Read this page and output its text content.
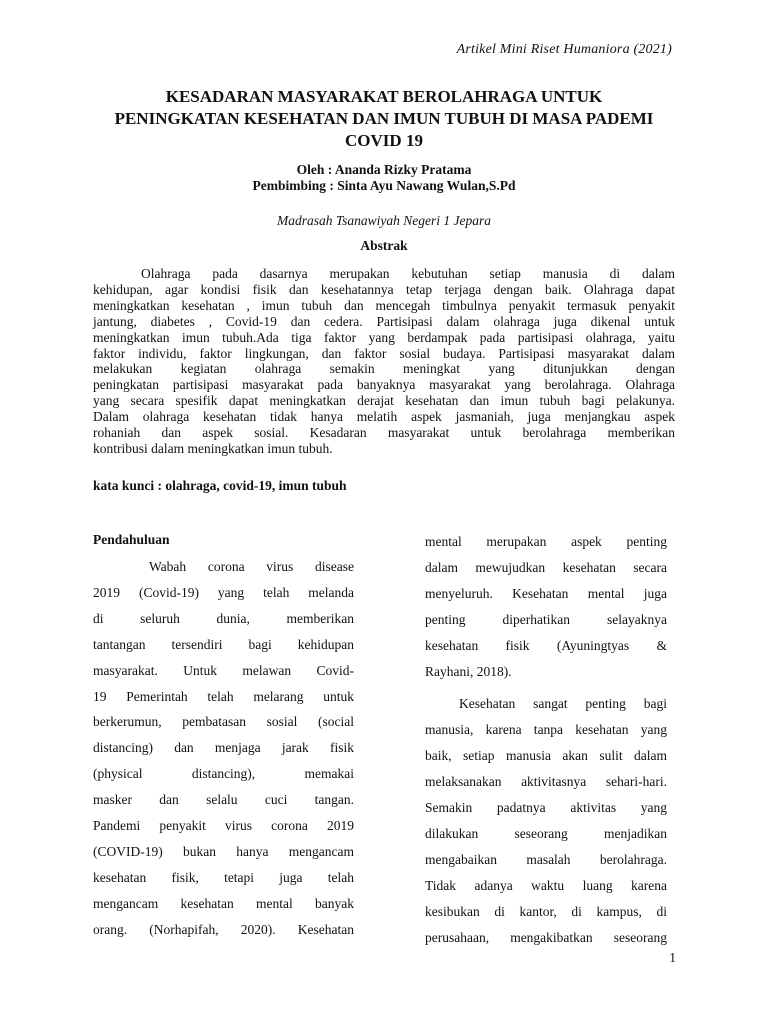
Artikel Mini Riset Humaniora (2021)
KESADARAN MASYARAKAT BEROLAHRAGA UNTUK
PENINGKATAN KESEHATAN DAN IMUN TUBUH DI MASA PADEMI
COVID 19
Oleh : Ananda Rizky Pratama
Pembimbing : Sinta Ayu Nawang Wulan,S.Pd
Madrasah Tsanawiyah Negeri 1 Jepara
Abstrak
Olahraga pada dasarnya merupakan kebutuhan setiap manusia di dalam
kehidupan, agar kondisi fisik dan kesehatannya tetap terjaga dengan baik. Olahraga dapat
meningkatkan kesehatan , imun tubuh dan mencegah timbulnya penyakit termasuk penyakit
jantung, diabetes , Covid-19 dan cedera. Partisipasi dalam olahraga juga dikenal untuk
meningkatkan imun tubuh.Ada tiga faktor yang berdampak pada partisipasi olahraga, yaitu
faktor individu, faktor lingkungan, dan faktor sosial budaya. Partisipasi masyarakat dalam
melakukan kegiatan olahraga semakin meningkat yang ditunjukkan dengan
peningkatan partisipasi masyarakat pada banyaknya masyarakat yang berolahraga. Olahraga
yang secara spesifik dapat meningkatkan derajat kesehatan dan imun tubuh bagi pelakunya.
Dalam olahraga kesehatan tidak hanya melatih aspek jasmaniah, juga menjangkau aspek
rohaniah dan aspek sosial. Kesadaran masyarakat untuk berolahraga memberikan
kontribusi dalam meningkatkan imun tubuh.
kata kunci : olahraga, covid-19, imun tubuh
Pendahuluan
Wabah corona virus disease
2019 (Covid-19) yang telah melanda
di seluruh dunia, memberikan
tantangan tersendiri bagi kehidupan
masyarakat. Untuk melawan Covid-
19 Pemerintah telah melarang untuk
berkerumun, pembatasan sosial (social
distancing) dan menjaga jarak fisik
(physical distancing), memakai
masker dan selalu cuci tangan.
Pandemi penyakit virus corona 2019
(COVID-19) bukan hanya mengancam
kesehatan fisik, tetapi juga telah
mengancam kesehatan mental banyak
orang. (Norhapifah, 2020). Kesehatan
mental merupakan aspek penting
dalam mewujudkan kesehatan secara
menyeluruh. Kesehatan mental juga
penting diperhatikan selayaknya
kesehatan fisik (Ayuningtyas &
Rayhani, 2018).
Kesehatan sangat penting bagi
manusia, karena tanpa kesehatan yang
baik, setiap manusia akan sulit dalam
melaksanakan aktivitasnya sehari-hari.
Semakin padatnya aktivitas yang
dilakukan seseorang menjadikan
mengabaikan masalah berolahraga.
Tidak adanya waktu luang karena
kesibukan di kantor, di kampus, di
perusahaan, mengakibatkan seseorang
1
